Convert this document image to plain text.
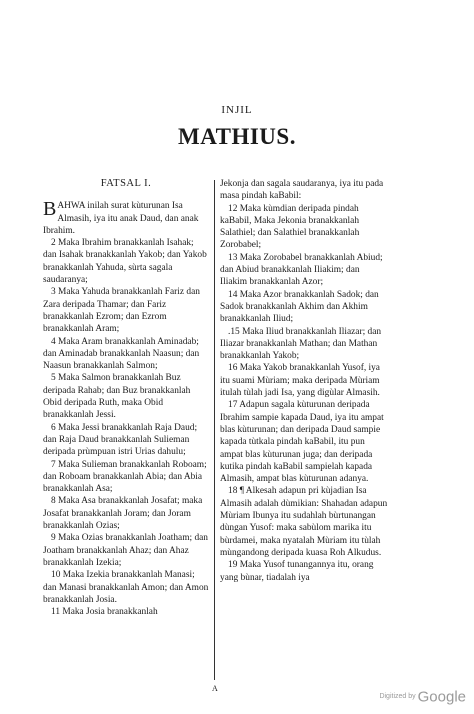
INJIL
MATHIUS.
FATSAL I.
BAHWA inilah surat kùturunan Isa Almasih, iya itu anak Daud, dan anak Ibrahim.
2 Maka Ibrahim branakkanlah Isahak; dan Isahak branakkanlah Yakob; dan Yakob branakkanlah Yahuda, sùrta sagala saudaranya;
3 Maka Yahuda branakkanlah Fariz dan Zara deripada Thamar; dan Fariz branakkanlah Ezrom; dan Ezrom branakkanlah Aram;
4 Maka Aram branakkanlah Aminadab; dan Aminadab branakkanlah Naasun; dan Naasun branakkanlah Salmon;
5 Maka Salmon branakkanlah Buz deripada Rahab; dan Buz branakkanlah Obid deripada Ruth, maka Obid branakkanlah Jessi.
6 Maka Jessi branakkanlah Raja Daud; dan Raja Daud branakkanlah Sulieman deripada prùmpuan istri Urias dahulu;
7 Maka Sulieman branakkanlah Roboam; dan Roboam branakkanlah Abia; dan Abia branakkanlah Asa;
8 Maka Asa branakkanlah Josafat; maka Josafat branakkanlah Joram; dan Joram branakkanlah Ozias;
9 Maka Ozias branakkanlah Joatham; dan Joatham branakkanlah Ahaz; dan Ahaz branakkanlah Izekia;
10 Maka Izekia branakkanlah Manasi; dan Manasi branakkanlah Amon; dan Amon branakkanlah Josia.
11 Maka Josia branakkanlah
Jekonja dan sagala saudaranya, iya itu pada masa pindah kaBabil:
12 Maka kùmdian deripada pindah kaBabil, Maka Jekonia branakkanlah Salathiel; dan Salathiel branakkanlah Zorobabel;
13 Maka Zorobabel branakkanlah Abiud; dan Abiud branakkanlah Iliakim; dan Iliakim branakkanlah Azor;
14 Maka Azor branakkanlah Sadok; dan Sadok branakkanlah Akhim dan Akhim branakkanlah Iliud;
.15 Maka Iliud branakkanlah Iliazar; dan Iliazar branakkanlah Mathan; dan Mathan branakkanlah Yakob;
16 Maka Yakob branakkanlah Yusof, iya itu suami Mùriam; maka deripada Mùriam itulah tùlah jadi Isa, yang digùlar Almasih.
17 Adapun sagala kùturunan deripada Ibrahim sampie kapada Daud, iya itu ampat blas kùturunan; dan deripada Daud sampie kapada tùtkala pindah kaBabil, itu pun ampat blas kùturunan juga; dan deripada kutika pindah kaBabil sampielah kapada Almasih, ampat blas kùturunan adanya.
18 ¶ Alkesah adapun pri kùjadian Isa Almasih adalah dùmikian: Shahadan adapun Mùriam Ibunya itu sudahlah bùrtunangan dùngan Yusof: maka sabùlom marika itu bùrdamei, maka nyatalah Mùriam itu tùlah mùngandong deripada kuasa Roh Alkudus.
19 Maka Yusof tunangannya itu, orang yang bùnar, tiadalah iya
A
Digitized by Google
